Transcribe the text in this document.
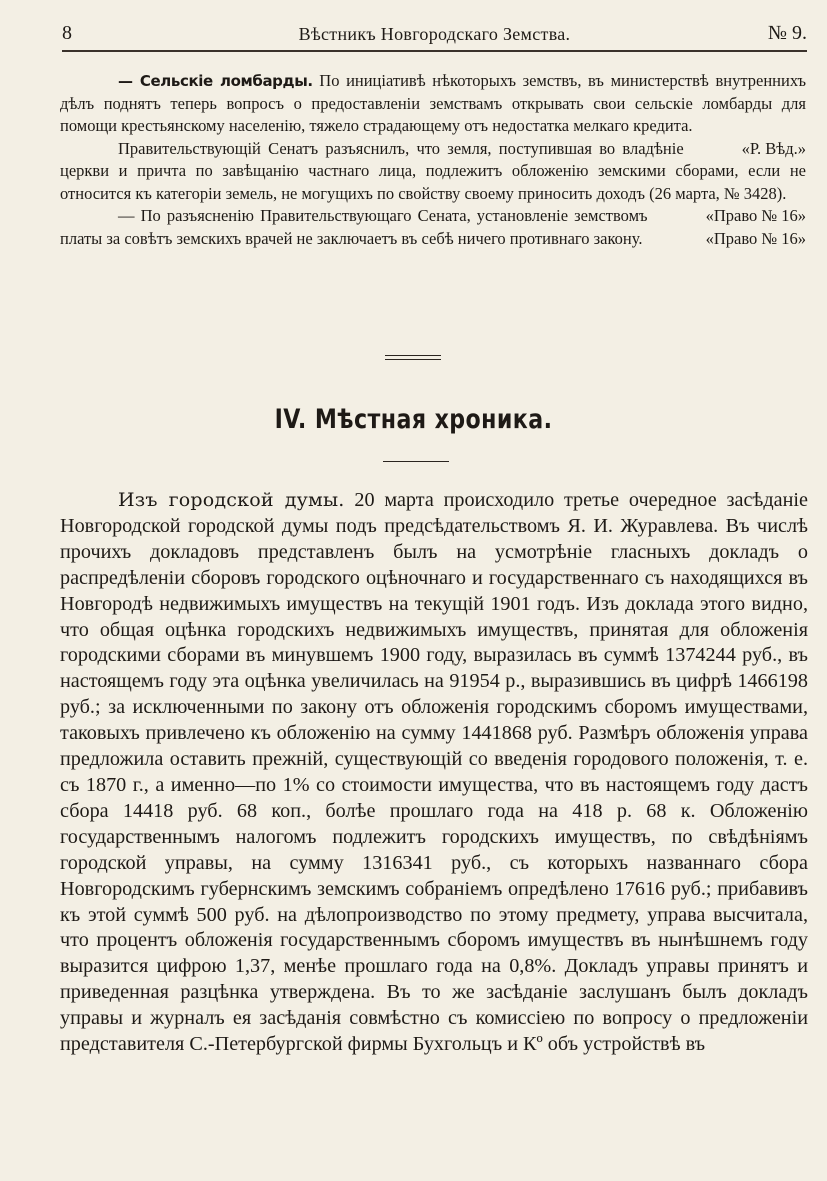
8	Вѣстникъ Новгородскаго Земства.	№ 9.

— Сельскіе ломбарды. По иниціативѣ нѣкоторыхъ земствъ, въ министерствѣ внутреннихъ дѣлъ поднятъ теперь вопросъ о предоставленіи земствамъ открывать свои сельскіе ломбарды для помощи крестьянскому населенію, тяжело страдающему отъ недостатка мелкаго кредита.
«Р. Вѣд.»

Правительствующій Сенатъ разъяснилъ, что земля, поступившая во владѣніе церкви и причта по завѣщанію частнаго лица, подлежитъ обложенію земскими сборами, если не относится къ категоріи земель, не могущихъ по свойству своему приносить доходъ (26 марта, № 3428).
«Право № 16»

— По разъясненію Правительствующаго Сената, установленіе земствомъ платы за совѣтъ земскихъ врачей не заключаетъ въ себѣ ничего противнаго закону.	«Право № 16»

IV. Мѣстная хроника.

Изъ городской думы. 20 марта происходило третье очередное засѣданіе Новгородской городской думы подъ предсѣдательствомъ Я. И. Журавлева. Въ числѣ прочихъ докладовъ представленъ былъ на усмотрѣніе гласныхъ докладъ о распредѣленіи сборовъ городского оцѣночнаго и государственнаго съ находящихся въ Новгородѣ недвижимыхъ имуществъ на текущій 1901 годъ. Изъ доклада этого видно, что общая оцѣнка городскихъ недвижимыхъ имуществъ, принятая для обложенія городскими сборами въ минувшемъ 1900 году, выразилась въ суммѣ 1374244 руб., въ настоящемъ году эта оцѣнка увеличилась на 91954 р., выразившись въ цифрѣ 1466198 руб.; за исключенными по закону отъ обложенія городскимъ сборомъ имуществами, таковыхъ привлечено къ обложенію на сумму 1441868 руб. Размѣръ обложенія управа предложила оставить прежній, существующій со введенія городового положенія, т. е. съ 1870 г., а именно—по 1% со стоимости имущества, что въ настоящемъ году дастъ сбора 14418 руб. 68 коп., болѣе прошлаго года на 418 р. 68 к. Обложенію государственнымъ налогомъ подлежитъ городскихъ имуществъ, по свѣдѣніямъ городской управы, на сумму 1316341 руб., съ которыхъ названнаго сбора Новгородскимъ губернскимъ земскимъ собраніемъ опредѣлено 17616 руб.; прибавивъ къ этой суммѣ 500 руб. на дѣлопроизводство по этому предмету, управа высчитала, что процентъ обложенія государственнымъ сборомъ имуществъ въ нынѣшнемъ году выразится цифрою 1,37, менѣе прошлаго года на 0,8%. Докладъ управы принятъ и приведенная разцѣнка утверждена. Въ то же засѣданіе заслушанъ былъ докладъ управы и журналъ ея засѣданія совмѣстно съ комиссіею по вопросу о предложеніи представителя С.-Петербургской фирмы Бухгольцъ и Кº объ устройствѣ въ
